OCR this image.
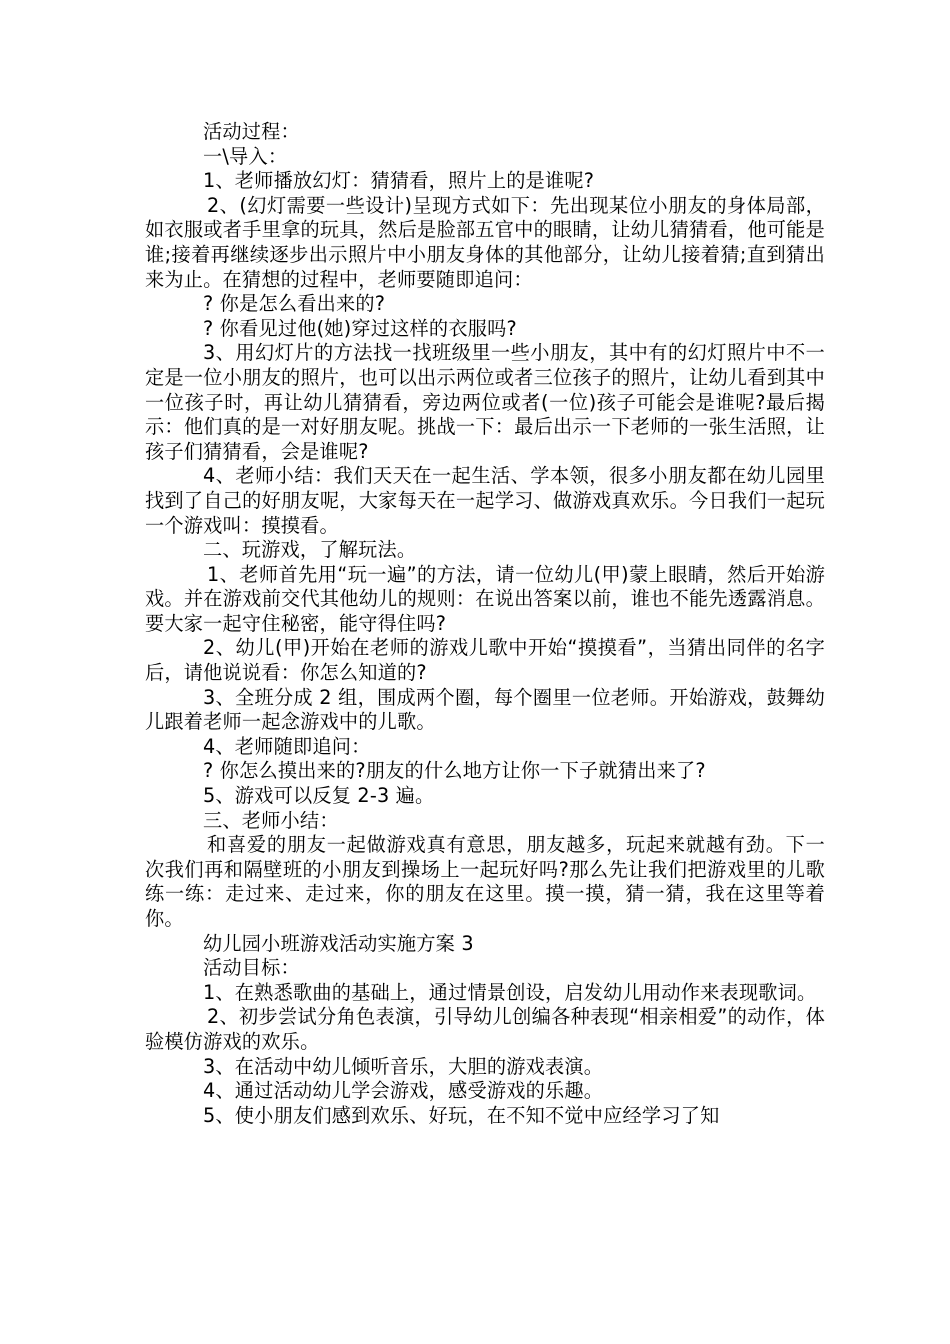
活动过程：

一\导入：

1、老师播放幻灯：猜猜看，照片上的是谁呢?

2、(幻灯需要一些设计)呈现方式如下：先出现某位小朋友的身体局部，如衣服或者手里拿的玩具，然后是脸部五官中的眼睛，让幼儿猜猜看，他可能是谁;接着再继续逐步出示照片中小朋友身体的其他部分，让幼儿接着猜;直到猜出来为止。在猜想的过程中，老师要随即追问：

? 你是怎么看出来的?

? 你看见过他(她)穿过这样的衣服吗?

3、用幻灯片的方法找一找班级里一些小朋友，其中有的幻灯照片中不一定是一位小朋友的照片，也可以出示两位或者三位孩子的照片，让幼儿看到其中一位孩子时，再让幼儿猜猜看，旁边两位或者(一位)孩子可能会是谁呢?最后揭示：他们真的是一对好朋友呢。挑战一下：最后出示一下老师的一张生活照，让孩子们猜猜看，会是谁呢?

4、老师小结：我们天天在一起生活、学本领，很多小朋友都在幼儿园里找到了自己的好朋友呢，大家每天在一起学习、做游戏真欢乐。今日我们一起玩一个游戏叫：摸摸看。

二、玩游戏，了解玩法。

1、老师首先用“玩一遍”的方法，请一位幼儿(甲)蒙上眼睛，然后开始游戏。并在游戏前交代其他幼儿的规则：在说出答案以前，谁也不能先透露消息。要大家一起守住秘密，能守得住吗?

2、幼儿(甲)开始在老师的游戏儿歌中开始“摸摸看”，当猜出同伴的名字后，请他说说看：你怎么知道的?

3、全班分成 2 组，围成两个圈，每个圈里一位老师。开始游戏，鼓舞幼儿跟着老师一起念游戏中的儿歌。

4、老师随即追问：

? 你怎么摸出来的?朋友的什么地方让你一下子就猜出来了?

5、游戏可以反复 2-3 遍。

三、老师小结：

和喜爱的朋友一起做游戏真有意思，朋友越多，玩起来就越有劲。下一次我们再和隔壁班的小朋友到操场上一起玩好吗?那么先让我们把游戏里的儿歌练一练：走过来、走过来，你的朋友在这里。摸一摸，猜一猜，我在这里等着你。

幼儿园小班游戏活动实施方案 3

活动目标：

1、在熟悉歌曲的基础上，通过情景创设，启发幼儿用动作来表现歌词。

2、初步尝试分角色表演，引导幼儿创编各种表现“相亲相爱”的动作，体验模仿游戏的欢乐。

3、在活动中幼儿倾听音乐，大胆的游戏表演。

4、通过活动幼儿学会游戏，感受游戏的乐趣。

5、使小朋友们感到欢乐、好玩，在不知不觉中应经学习了知
